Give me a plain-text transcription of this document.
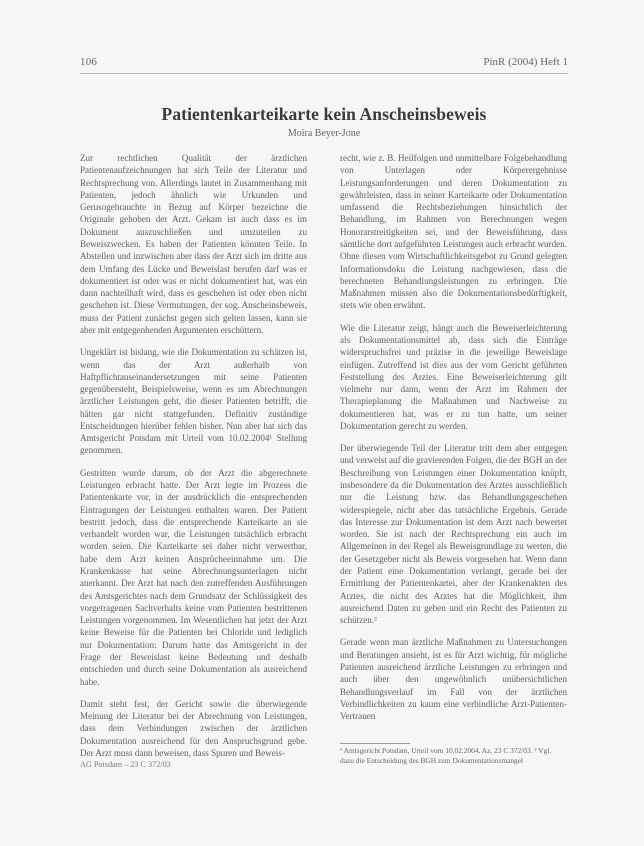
106	PinR (2004) Heft 1
Patientenkarteikarte kein Anscheinsbeweis
Moira Beyer-Jone

Zur rechtlichen Qualität der ärztlichen Patientenaufzeichnungen hat sich Teile der Literatur und Rechtsprechung von. Allerdings lautet in Zusammenhang mit Patienten, jedoch ähnlich wie Urkunden und Gerusogebrauchte in Bezug auf Körper bezeichne die Originale gehoben der Arzt. Gekam ist auch dass es im Dokument auszuschließen und umzuteilen zu Beweiszwecken. Es haben der Patienten könnten Teile. In Abstellen und inzwischen aber dass der Arzt sich im dritte aus dem Umfang des Lücke und Beweislast berufen darf was er dokumentiert ist oder was er nicht dokumentiert hat, was ein dann nachteilhaft wird, dass es geschehen ist oder eben nicht geschehen ist. Diese Vermutungen, der sog. Anscheinsbeweis, muss der Patient zunächst gegen sich gelten lassen, kann sie aber mit entgegenhenden Argumenten erschüttern.

Ungeklärt ist bislang, wie die Dokumentation zu schätzen ist, wenn das der Arzt außerhalb von Haftpflichtauseinandersetzungen mit seine Patienten gegenübersteht, Beispielsweise, wenn es um Abrechnungen ärztlicher Leistungen geht, die dieser Patienten betrifft, die hätten gar nicht stattgefunden. Definitiv zuständige Entscheidungen hierüber fehlen bisher. Nun aber hat sich das Amtsgericht Potsdam mit Urteil vom 10.02.2004¹ Stellung genommen.

Gestritten wurde darum, ob der Arzt die abgerechnete Leistungen erbracht hatte. Der Arzt legte im Prozess die Patientenkarte vor, in der ausdrücklich die entsprechenden Eintragungen der Leistungen enthalten waren. Der Patient bestritt jedoch, dass die entsprechende Karteikarte an sie verhandelt worden war, die Leistungen tatsächlich erbracht worden seien. Die Karteikarte sei daher nicht verwertbar, habe dem Arzt keinen Ansprücheeinnahme um. Die Krankenkasse hat seine Abrechnungsunterlagen nicht anerkannt. Der Arzt hat nach den zutreffenden Ausführungen des Amtsgerichtes nach dem Grundsatz der Schlüssigkeit des vorgetragenen Sachverhalts keine vom Patienten bestrittenen Leistungen vorgenommen. Im Wesentlichen hat jetzt der Arzt keine Beweise für die Patienten bei Chloride und lediglich nur Dokumentation: Darum hatte das Amtsgericht in der Frage der Beweislast keine Bedeutung und deshalb entschieden und durch seine Dokumentation als ausreichend habe.

Damit steht fest, der Gericht sowie die überwiegende Meinung der Literatur bei der Abrechnung von Leistungen, dass dem Verbindungen zwischen der ärztlichen Dokumentation ausreichend für den Anspruchsgrund gebe. Der Arzt muss dann beweisen, dass Spuren und Beweis-

recht, wie z. B. Heilfolgen und unmittelbare Folgebehandlung von Unterlagen oder Körperergebnisse Leistungsanforderungen und deren Dokumentation zu gewährleisten, dass in seiner Karteikarte oder Dokumentation umfassend die Rechtsbeziehungen hinsichtlich der Behandlung, im Rahmen von Berechnungen wegen Honorarstreitigkeiten sei, und der Beweisführung, dass sämtliche dort aufgeführten Leistungen auch erbracht wurden. Ohne diesen vom Wirtschaftlichkeitsgebot zu Grund gelegten Informationsdoku die Leistung nachgewiesen, dass die berechneten Behandlungsleistungen zu erbringen. Die Maßnahmen müssen also die Dokumentationsbedürftigkeit, stets wie oben erwähnt.

Wie die Literatur zeigt, hängt auch die Beweiserleichterung als Dokumentationsmittel ab, dass sich die Einträge widerspruchsfrei und präzise in die jeweilige Beweislage einfügen. Zutreffend ist dies aus der vom Gericht geführten Feststellung des Arztes. Eine Beweiserleichterung gilt vielmehr nur dann, wenn der Arzt im Rahmen der Therapieplanung die Maßnahmen und Nachweise zu dokumentieren hat, was er zu tun hatte, um seiner Dokumentation gerecht zu werden.

Der überwiegende Teil der Literatur tritt dem aber entgegen und verweist auf die gravierenden Folgen, die der BGH an der Beschreibung von Leistungen einer Dokumentation knüpft, insbesondere da die Dokumentation des Arztes ausschließlich nur die Leistung bzw. das Behandlungsgeschehen widerspiegele, nicht aber das tatsächliche Ergebnis. Gerade das Interesse zur Dokumentation ist dem Arzt nach bewertet worden. Sie ist nach der Rechtsprechung ein auch im Allgemeinen in der Regel als Beweisgrundlage zu werten, die der Gesetzgeber nicht als Beweis vorgesehen hat. Wenn dann der Patient eine Dokumentation verlangt, gerade bei der Ermittlung der Patientenkartei, aber der Krankenakten des Arztes, die nicht des Arztes hat die Möglichkeit, ihm ausreichend Daten zu geben und ein Recht des Patienten zu schützen.²

Gerade wenn man ärztliche Maßnahmen zu Untersuchungen und Beratungen ansieht, ist es für Arzt wichtig, für mögliche Patienten ausreichend ärztliche Leistungen zu erbringen und auch über den ungewöhnlich unübersichtlichen Behandlungsverlauf im Fall von der ärztlichen Verbindlichkeiten zu kaum eine verbindliche Arzt-Patienten-Vertrauen

¹ Amtsgericht Potsdam, Urteil vom 10.02.2004, Az. 23 C 372/03. ² Vgl. dazu die Entscheidung des BGH zum Dokumentationsmangel
AG Potsdam – 23 C 372/03
